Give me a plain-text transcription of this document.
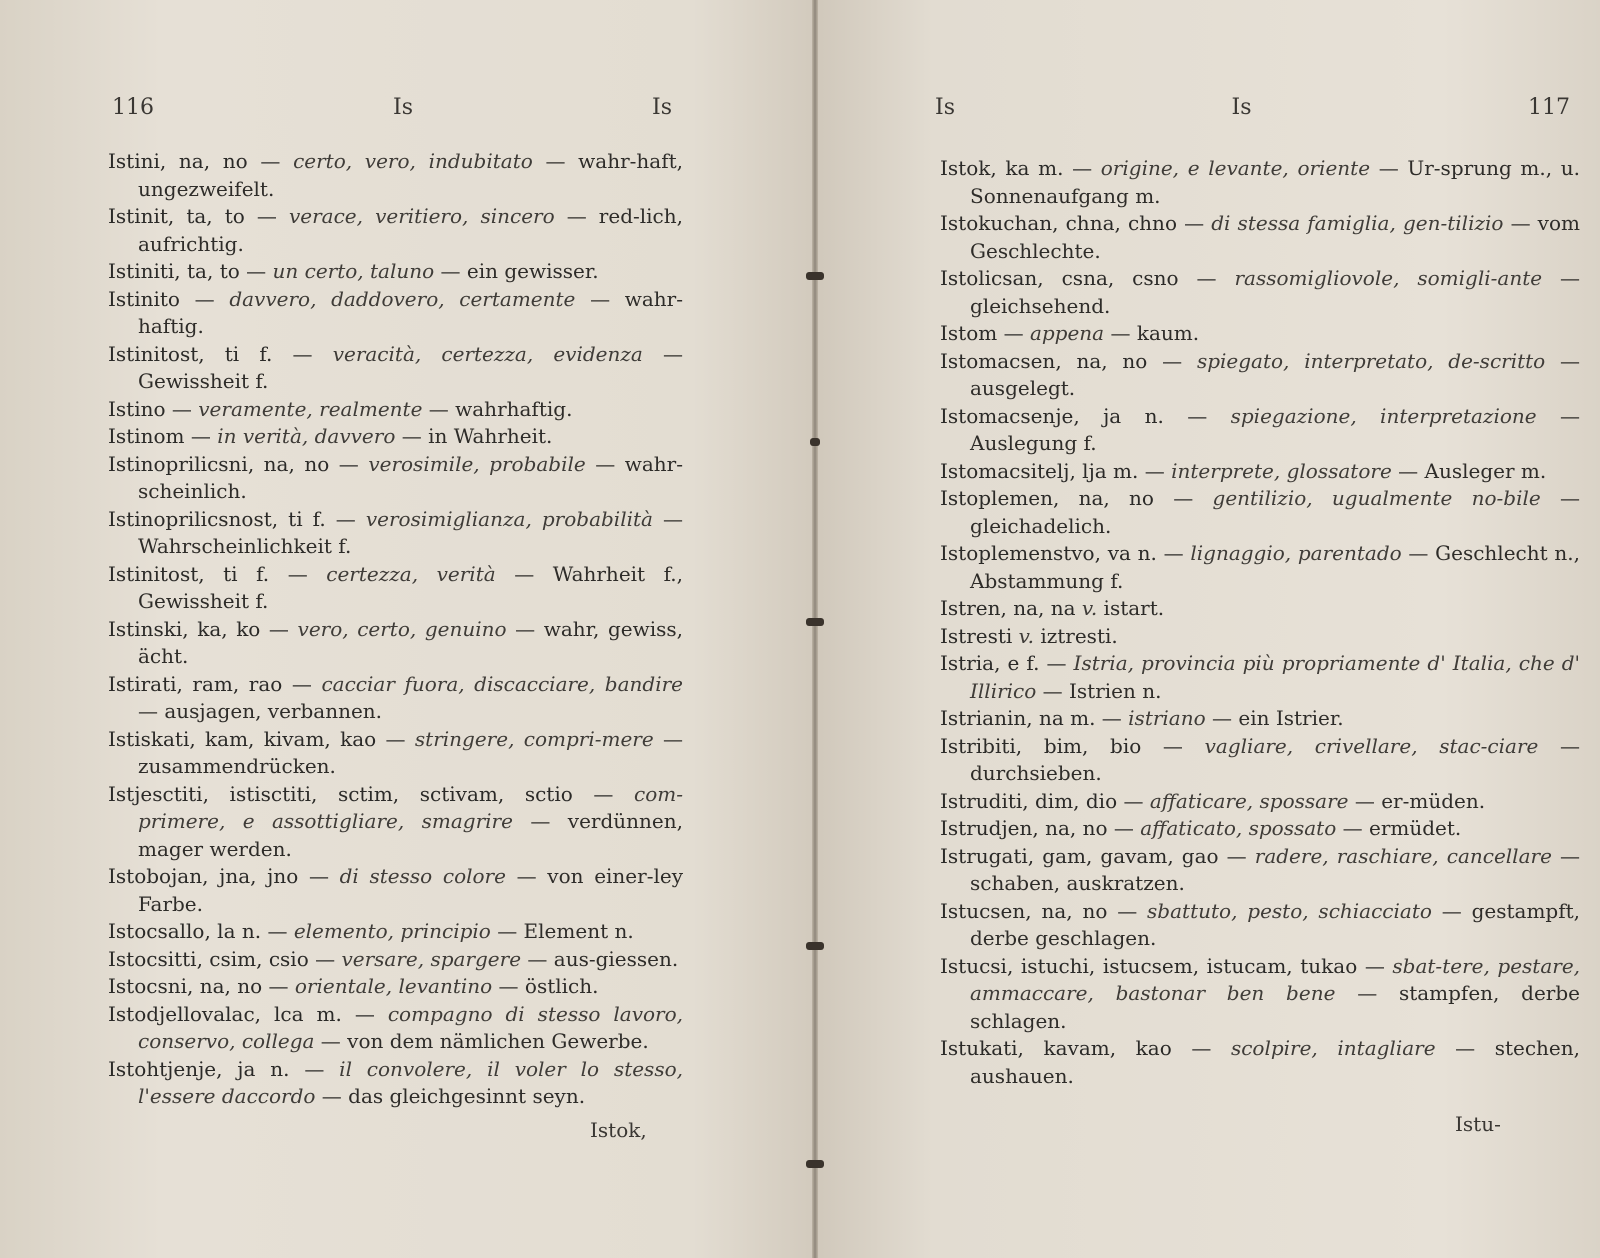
116	Is	Is

Istini, na, no — certo, vero, indubitato — wahr-haft, ungezweifelt.

Istinit, ta, to — verace, veritiero, sincero — red-lich, aufrichtig.

Istiniti, ta, to — un certo, taluno — ein gewisser.

Istinito — davvero, daddovero, certamente — wahr-haftig.

Istinitost, ti f. — veracità, certezza, evidenza — Gewissheit f.

Istino — veramente, realmente — wahrhaftig.

Istinom — in verità, davvero — in Wahrheit.

Istinoprilicsni, na, no — verosimile, probabile — wahr-scheinlich.

Istinoprilicsnost, ti f. — verosimiglianza, probabilità — Wahrscheinlichkeit f.

Istinitost, ti f. — certezza, verità — Wahrheit f., Gewissheit f.

Istinski, ka, ko — vero, certo, genuino — wahr, gewiss, ächt.

Istirati, ram, rao — cacciar fuora, discacciare, bandire — ausjagen, verbannen.

Istiskati, kam, kivam, kao — stringere, compri-mere — zusammendrücken.

Istjesctiti, istisctiti, sctim, sctivam, sctio — com-primere, e assottigliare, smagrire — verdünnen, mager werden.

Istobojan, jna, jno — di stesso colore — von einer-ley Farbe.

Istocsallo, la n. — elemento, principio — Element n.

Istocsitti, csim, csio — versare, spargere — aus-giessen.

Istocsni, na, no — orientale, levantino — östlich.

Istodjellovalac, lca m. — compagno di stesso lavoro, conservo, collega — von dem nämlichen Gewerbe.

Istohtjenje, ja n. — il convolere, il voler lo stesso, l'essere daccordo — das gleichgesinnt seyn.

Istok,
Is	Is	117

Istok, ka m. — origine, e levante, oriente — Ur-sprung m., u. Sonnenaufgang m.

Istokuchan, chna, chno — di stessa famiglia, gen-tilizio — vom Geschlechte.

Istolicsan, csna, csno — rassomigliovole, somigli-ante — gleichsehend.

Istom — appena — kaum.

Istomacsen, na, no — spiegato, interpretato, de-scritto — ausgelegt.

Istomacsenje, ja n. — spiegazione, interpretazione — Auslegung f.

Istomacsitelj, lja m. — interprete, glossatore — Ausleger m.

Istoplemen, na, no — gentilizio, ugualmente no-bile — gleichadelich.

Istoplemenstvo, va n. — lignaggio, parentado — Geschlecht n., Abstammung f.

Istren, na, na v. istart.

Istresti v. iztresti.

Istria, e f. — Istria, provincia più propriamente d' Italia, che d' Illirico — Istrien n.

Istrianin, na m. — istriano — ein Istrier.

Istribiti, bim, bio — vagliare, crivellare, stac-ciare — durchsieben.

Istruditi, dim, dio — affaticare, spossare — er-müden.

Istrudjen, na, no — affaticato, spossato — ermüdet.

Istrugati, gam, gavam, gao — radere, raschiare, cancellare — schaben, auskratzen.

Istucsen, na, no — sbattuto, pesto, schiacciato — gestampft, derbe geschlagen.

Istucsi, istuchi, istucsem, istucam, tukao — sbat-tere, pestare, ammaccare, bastonar ben bene — stampfen, derbe schlagen.

Istukati, kavam, kao — scolpire, intagliare — stechen, aushauen.

Istu-
